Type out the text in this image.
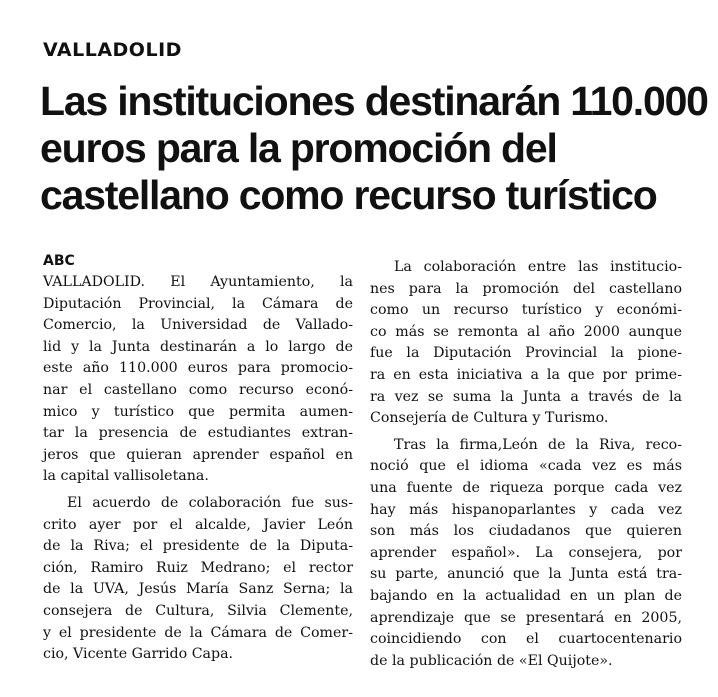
VALLADOLID
Las instituciones destinarán 110.000
euros para la promoción del
castellano como recurso turístico
ABC
VALLADOLID. El Ayuntamiento, la
Diputación Provincial, la Cámara de
Comercio, la Universidad de Vallado-
lid y la Junta destinarán a lo largo de
este año 110.000 euros para promocio-
nar el castellano como recurso econó-
mico y turístico que permita aumen-
tar la presencia de estudiantes extran-
jeros que quieran aprender español en
la capital vallisoletana.
El acuerdo de colaboración fue sus-
crito ayer por el alcalde, Javier León
de la Riva; el presidente de la Diputa-
ción, Ramiro Ruiz Medrano; el rector
de la UVA, Jesús María Sanz Serna; la
consejera de Cultura, Silvia Clemente,
y el presidente de la Cámara de Comer-
cio, Vicente Garrido Capa.
La colaboración entre las institucio-
nes para la promoción del castellano
como un recurso turístico y económi-
co más se remonta al año 2000 aunque
fue la Diputación Provincial la pione-
ra en esta iniciativa a la que por prime-
ra vez se suma la Junta a través de la
Consejería de Cultura y Turismo.
Tras la firma,León de la Riva, reco-
noció que el idioma «cada vez es más
una fuente de riqueza porque cada vez
hay más hispanoparlantes y cada vez
son más los ciudadanos que quieren
aprender español». La consejera, por
su parte, anunció que la Junta está tra-
bajando en la actualidad en un plan de
aprendizaje que se presentará en 2005,
coincidiendo con el cuartocentenario
de la publicación de «El Quijote».
